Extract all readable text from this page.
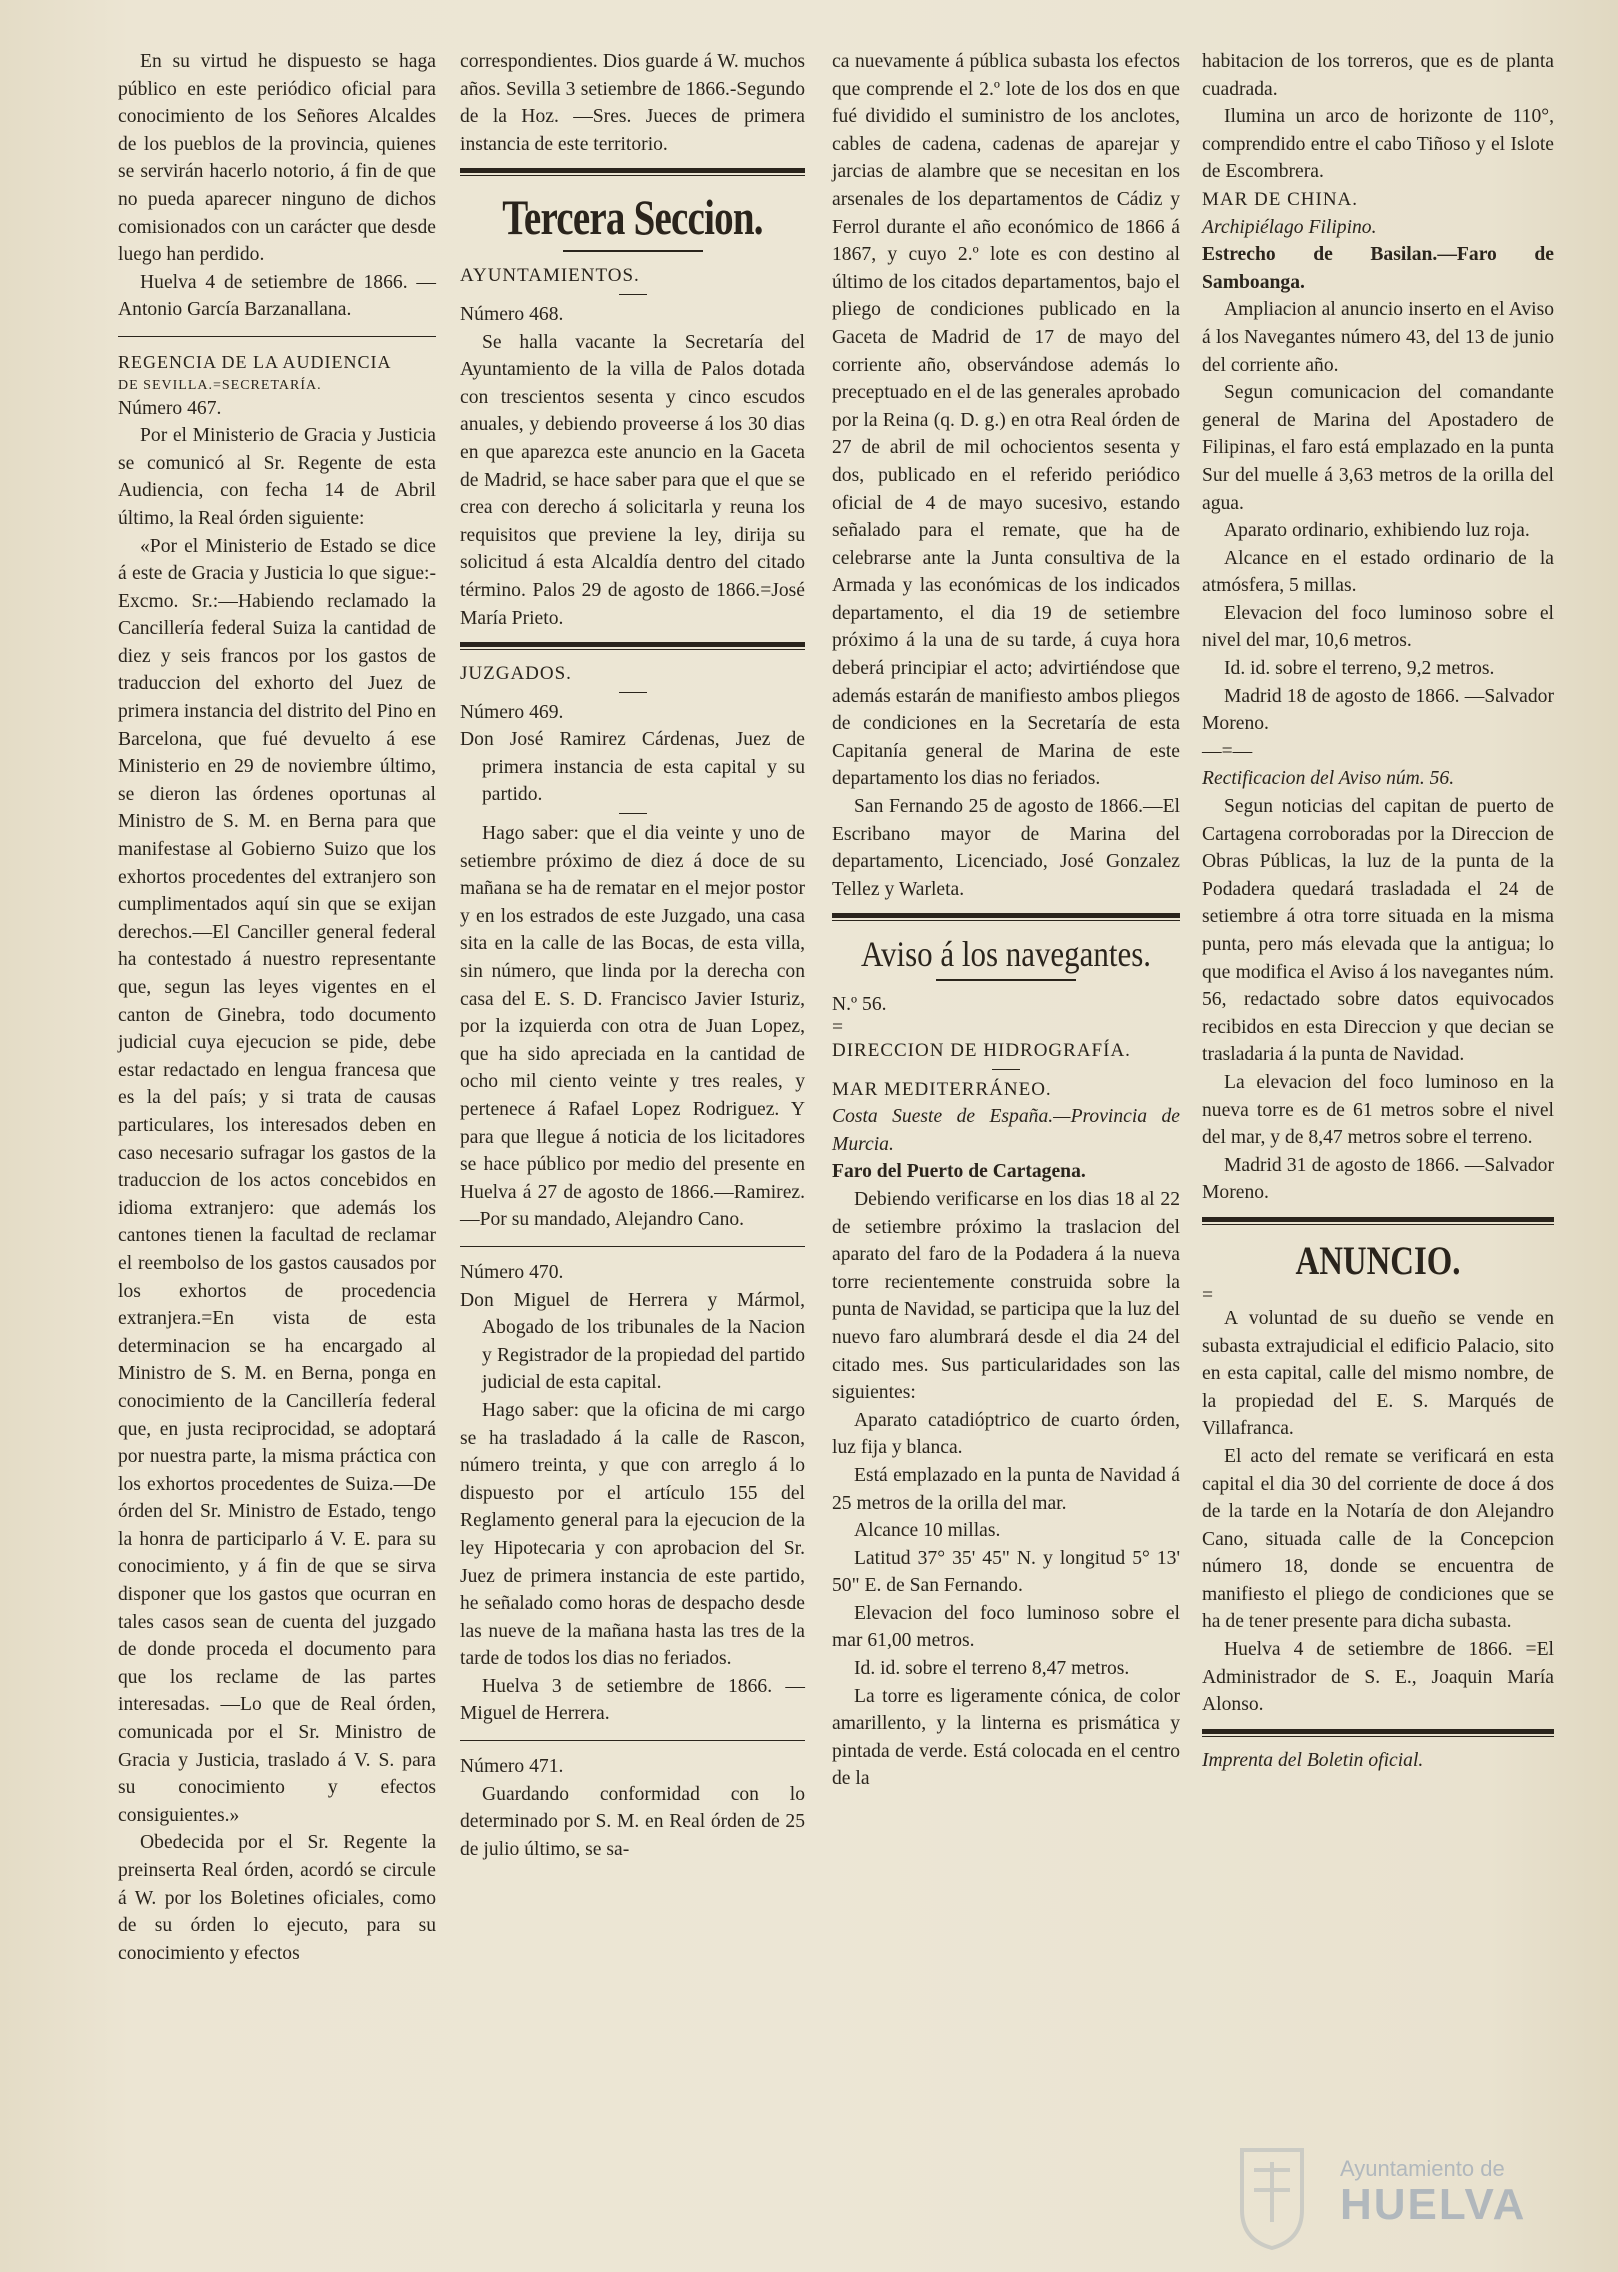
En su virtud he dispuesto se haga público en este periódico oficial para conocimiento de los Señores Alcaldes de los pueblos de la provincia, quienes se servirán hacerlo notorio, á fin de que no pueda aparecer ninguno de dichos comisionados con un carácter que desde luego han perdido.

Huelva 4 de setiembre de 1866. —Antonio García Barzanallana.

REGENCIA DE LA AUDIENCIA

DE SEVILLA.=SECRETARÍA.

Número 467.

Por el Ministerio de Gracia y Justicia se comunicó al Sr. Regente de esta Audiencia, con fecha 14 de Abril último, la Real órden siguiente:

«Por el Ministerio de Estado se dice á este de Gracia y Justicia lo que sigue:-Excmo. Sr.:—Habiendo reclamado la Cancillería federal Suiza la cantidad de diez y seis francos por los gastos de traduccion del exhorto del Juez de primera instancia del distrito del Pino en Barcelona, que fué devuelto á ese Ministerio en 29 de noviembre último, se dieron las órdenes oportunas al Ministro de S. M. en Berna para que manifestase al Gobierno Suizo que los exhortos procedentes del extranjero son cumplimentados aquí sin que se exijan derechos.—El Canciller general federal ha contestado á nuestro representante que, segun las leyes vigentes en el canton de Ginebra, todo documento judicial cuya ejecucion se pide, debe estar redactado en lengua francesa que es la del país; y si trata de causas particulares, los interesados deben en caso necesario sufragar los gastos de la traduccion de los actos concebidos en idioma extranjero: que además los cantones tienen la facultad de reclamar el reembolso de los gastos causados por los exhortos de procedencia extranjera.=En vista de esta determinacion se ha encargado al Ministro de S. M. en Berna, ponga en conocimiento de la Cancillería federal que, en justa reciprocidad, se adoptará por nuestra parte, la misma práctica con los exhortos procedentes de Suiza.—De órden del Sr. Ministro de Estado, tengo la honra de participarlo á V. E. para su conocimiento, y á fin de que se sirva disponer que los gastos que ocurran en tales casos sean de cuenta del juzgado de donde proceda el documento para que los reclame de las partes interesadas. —Lo que de Real órden, comunicada por el Sr. Ministro de Gracia y Justicia, traslado á V. S. para su conocimiento y efectos consiguientes.»

Obedecida por el Sr. Regente la preinserta Real órden, acordó se circule á W. por los Boletines oficiales, como de su órden lo ejecuto, para su conocimiento y efectos

correspondientes. Dios guarde á W. muchos años. Sevilla 3 setiembre de 1866.-Segundo de la Hoz. —Sres. Jueces de primera instancia de este territorio.

Tercera Seccion.

AYUNTAMIENTOS.

Número 468.

Se halla vacante la Secretaría del Ayuntamiento de la villa de Palos dotada con trescientos sesenta y cinco escudos anuales, y debiendo proveerse á los 30 dias en que aparezca este anuncio en la Gaceta de Madrid, se hace saber para que el que se crea con derecho á solicitarla y reuna los requisitos que previene la ley, dirija su solicitud á esta Alcaldía dentro del citado término. Palos 29 de agosto de 1866.=José María Prieto.

JUZGADOS.

Número 469.

Don José Ramirez Cárdenas, Juez de primera instancia de esta capital y su partido.

Hago saber: que el dia veinte y uno de setiembre próximo de diez á doce de su mañana se ha de rematar en el mejor postor y en los estrados de este Juzgado, una casa sita en la calle de las Bocas, de esta villa, sin número, que linda por la derecha con casa del E. S. D. Francisco Javier Isturiz, por la izquierda con otra de Juan Lopez, que ha sido apreciada en la cantidad de ocho mil ciento veinte y tres reales, y pertenece á Rafael Lopez Rodriguez. Y para que llegue á noticia de los licitadores se hace público por medio del presente en Huelva á 27 de agosto de 1866.—Ramirez.—Por su mandado, Alejandro Cano.

Número 470.

Don Miguel de Herrera y Mármol, Abogado de los tribunales de la Nacion y Registrador de la propiedad del partido judicial de esta capital.

Hago saber: que la oficina de mi cargo se ha trasladado á la calle de Rascon, número treinta, y que con arreglo á lo dispuesto por el artículo 155 del Reglamento general para la ejecucion de la ley Hipotecaria y con aprobacion del Sr. Juez de primera instancia de este partido, he señalado como horas de despacho desde las nueve de la mañana hasta las tres de la tarde de todos los dias no feriados.

Huelva 3 de setiembre de 1866. —Miguel de Herrera.

Número 471.

Guardando conformidad con lo determinado por S. M. en Real órden de 25 de julio último, se sa-

ca nuevamente á pública subasta los efectos que comprende el 2.º lote de los dos en que fué dividido el suministro de los anclotes, cables de cadena, cadenas de aparejar y jarcias de alambre que se necesitan en los arsenales de los departamentos de Cádiz y Ferrol durante el año económico de 1866 á 1867, y cuyo 2.º lote es con destino al último de los citados departamentos, bajo el pliego de condiciones publicado en la Gaceta de Madrid de 17 de mayo del corriente año, observándose además lo preceptuado en el de las generales aprobado por la Reina (q. D. g.) en otra Real órden de 27 de abril de mil ochocientos sesenta y dos, publicado en el referido periódico oficial de 4 de mayo sucesivo, estando señalado para el remate, que ha de celebrarse ante la Junta consultiva de la Armada y las económicas de los indicados departamento, el dia 19 de setiembre próximo á la una de su tarde, á cuya hora deberá principiar el acto; advirtiéndose que además estarán de manifiesto ambos pliegos de condiciones en la Secretaría de esta Capitanía general de Marina de este departamento los dias no feriados.

San Fernando 25 de agosto de 1866.—El Escribano mayor de Marina del departamento, Licenciado, José Gonzalez Tellez y Warleta.

Aviso á los navegantes.

N.º 56.

=

DIRECCION DE HIDROGRAFÍA.

MAR MEDITERRÁNEO.

Costa Sueste de España.—Provincia de Murcia.

Faro del Puerto de Cartagena.

Debiendo verificarse en los dias 18 al 22 de setiembre próximo la traslacion del aparato del faro de la Podadera á la nueva torre recientemente construida sobre la punta de Navidad, se participa que la luz del nuevo faro alumbrará desde el dia 24 del citado mes. Sus particularidades son las siguientes:

Aparato catadióptrico de cuarto órden, luz fija y blanca.

Está emplazado en la punta de Navidad á 25 metros de la orilla del mar.

Alcance 10 millas.

Latitud 37° 35' 45" N. y longitud 5° 13' 50" E. de San Fernando.

Elevacion del foco luminoso sobre el mar 61,00 metros.

Id. id. sobre el terreno 8,47 metros.

La torre es ligeramente cónica, de color amarillento, y la linterna es prismática y pintada de verde. Está colocada en el centro de la

habitacion de los torreros, que es de planta cuadrada.

Ilumina un arco de horizonte de 110°, comprendido entre el cabo Tiñoso y el Islote de Escombrera.

MAR DE CHINA.

Archipiélago Filipino.

Estrecho de Basilan.—Faro de Samboanga.

Ampliacion al anuncio inserto en el Aviso á los Navegantes número 43, del 13 de junio del corriente año.

Segun comunicacion del comandante general de Marina del Apostadero de Filipinas, el faro está emplazado en la punta Sur del muelle á 3,63 metros de la orilla del agua.

Aparato ordinario, exhibiendo luz roja.

Alcance en el estado ordinario de la atmósfera, 5 millas.

Elevacion del foco luminoso sobre el nivel del mar, 10,6 metros.

Id. id. sobre el terreno, 9,2 metros.

Madrid 18 de agosto de 1866. —Salvador Moreno.

—=—

Rectificacion del Aviso núm. 56.

Segun noticias del capitan de puerto de Cartagena corroboradas por la Direccion de Obras Públicas, la luz de la punta de la Podadera quedará trasladada el 24 de setiembre á otra torre situada en la misma punta, pero más elevada que la antigua; lo que modifica el Aviso á los navegantes núm. 56, redactado sobre datos equivocados recibidos en esta Direccion y que decian se trasladaria á la punta de Navidad.

La elevacion del foco luminoso en la nueva torre es de 61 metros sobre el nivel del mar, y de 8,47 metros sobre el terreno.

Madrid 31 de agosto de 1866. —Salvador Moreno.

ANUNCIO.

=

A voluntad de su dueño se vende en subasta extrajudicial el edificio Palacio, sito en esta capital, calle del mismo nombre, de la propiedad del E. S. Marqués de Villafranca.

El acto del remate se verificará en esta capital el dia 30 del corriente de doce á dos de la tarde en la Notaría de don Alejandro Cano, situada calle de la Concepcion número 18, donde se encuentra de manifiesto el pliego de condiciones que se ha de tener presente para dicha subasta.

Huelva 4 de setiembre de 1866. =El Administrador de S. E., Joaquin María Alonso.

Imprenta del Boletin oficial.

Ayuntamiento de
HUELVA
